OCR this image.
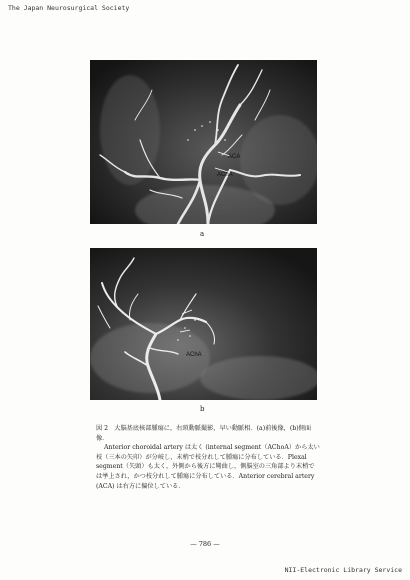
The Japan Neurosurgical Society
ACA
AChA
a
AChA
b

図 2　大脳基底核部腫瘍に，右頸動脈撮影，早い動脈相．(a)前後像，(b)側面像．

Anterior choroidal artery は太く (internal segment（AChoA）から太い枝（三本の矢印）が分岐し，末梢で枝分れして腫瘍に分布している．Plexal segment（矢頭）も太く，外側から後方に彎曲し，側脳室の三角部より末梢では挙上され，かつ枝分れして腫瘍に分布している．Anterior cerebral artery (ACA) は右方に偏位している．

— 786 —
NII-Electronic Library Service
